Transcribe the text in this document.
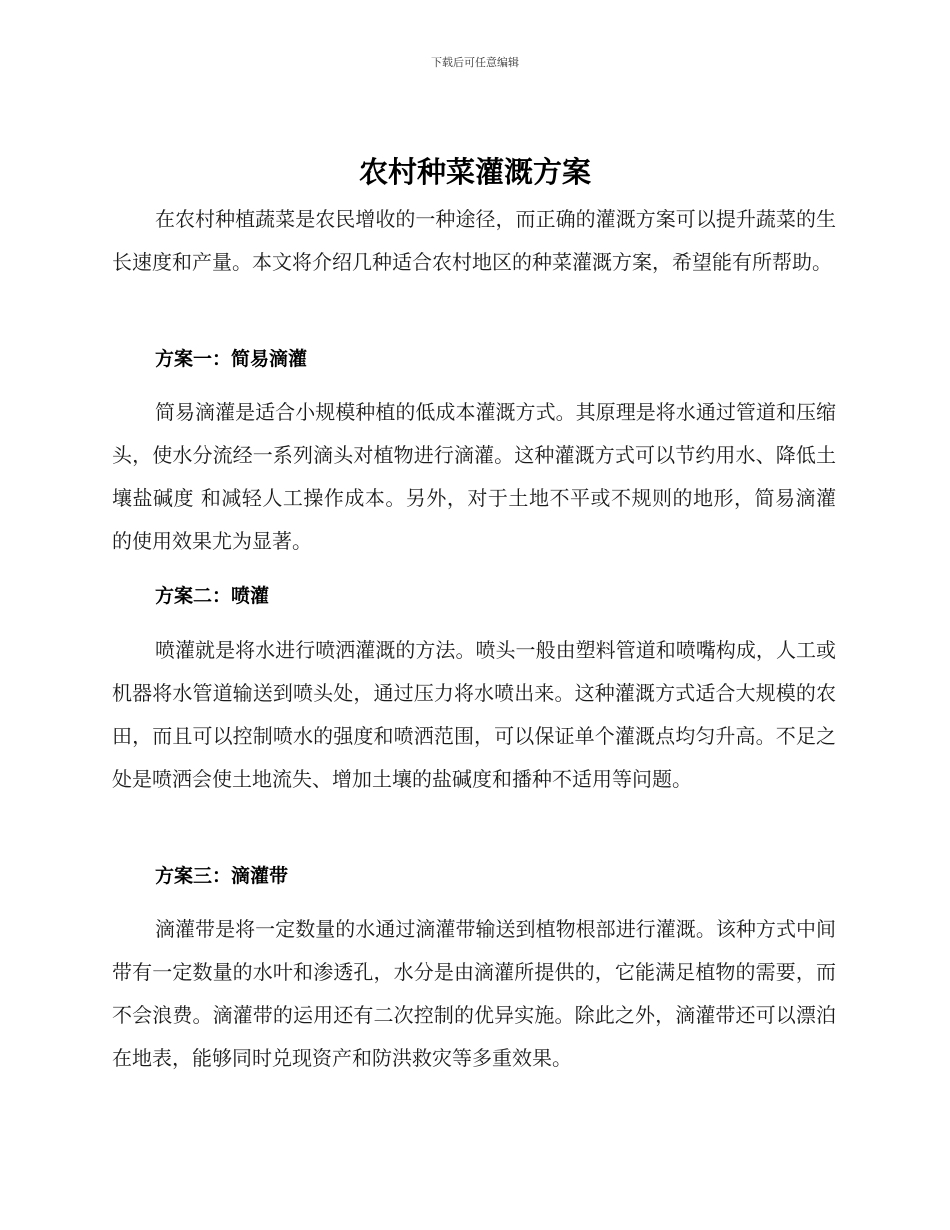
下载后可任意编辑
农村种菜灌溉方案

在农村种植蔬菜是农民增收的一种途径，而正确的灌溉方案可以提升蔬菜的生长速度和产量。本文将介绍几种适合农村地区的种菜灌溉方案，希望能有所帮助。

方案一：简易滴灌

简易滴灌是适合小规模种植的低成本灌溉方式。其原理是将水通过管道和压缩头，使水分流经一系列滴头对植物进行滴灌。这种灌溉方式可以节约用水、降低土壤盐碱度 和减轻人工操作成本。另外，对于土地不平或不规则的地形，简易滴灌的使用效果尤为显著。

方案二：喷灌

喷灌就是将水进行喷洒灌溉的方法。喷头一般由塑料管道和喷嘴构成，人工或机器将水管道输送到喷头处，通过压力将水喷出来。这种灌溉方式适合大规模的农田，而且可以控制喷水的强度和喷洒范围，可以保证单个灌溉点均匀升高。不足之处是喷洒会使土地流失、增加土壤的盐碱度和播种不适用等问题。

方案三：滴灌带

滴灌带是将一定数量的水通过滴灌带输送到植物根部进行灌溉。该种方式中间带有一定数量的水叶和渗透孔，水分是由滴灌所提供的，它能满足植物的需要，而不会浪费。滴灌带的运用还有二次控制的优异实施。除此之外，滴灌带还可以漂泊在地表，能够同时兑现资产和防洪救灾等多重效果。
